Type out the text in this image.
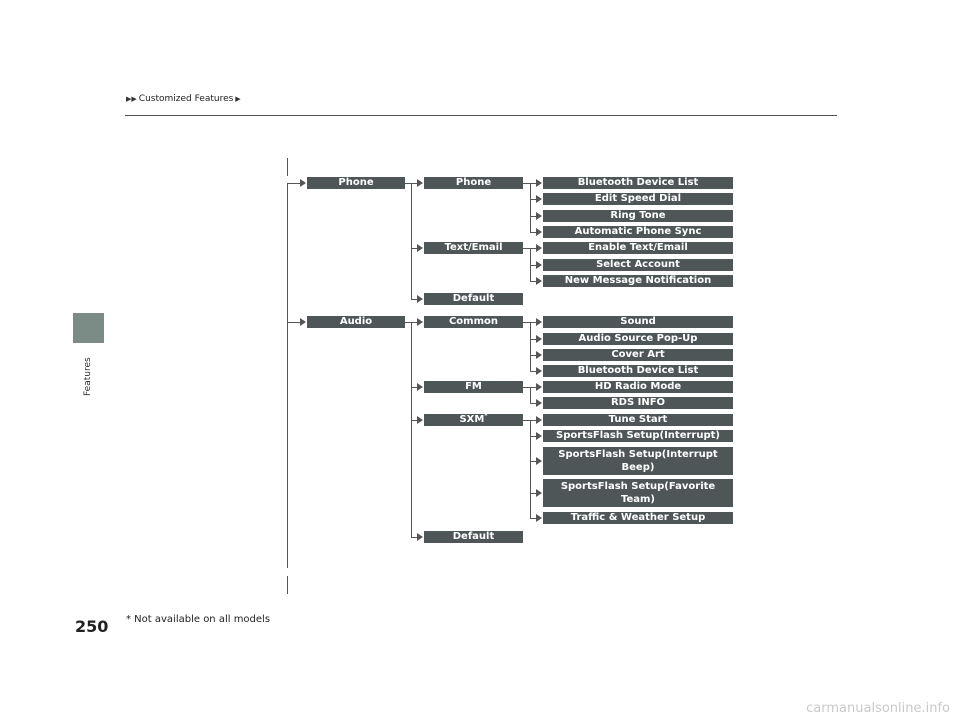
Features
▶▶ Customized Features ▶
Phone
Audio
Phone
Text/Email
Default
Bluetooth Device List
Edit Speed Dial
Ring Tone
Automatic Phone Sync
Enable Text/Email
Select Account
New Message Notification
Common
FM
SXM*
Default
Sound
Audio Source Pop-Up
Cover Art
Bluetooth Device List
HD Radio Mode
RDS INFO
Tune Start
SportsFlash Setup(Interrupt)
SportsFlash Setup(Interrupt Beep)
SportsFlash Setup(Favorite Team)
Traffic & Weather Setup
250 * Not available on all models
carmanualsonline.info
